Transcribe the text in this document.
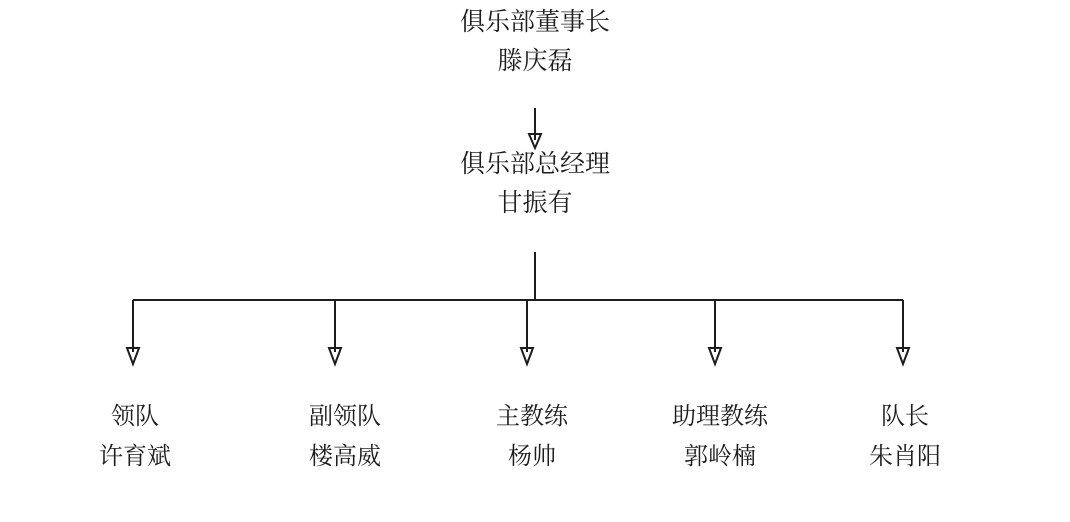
俱乐部董事长
滕庆磊
俱乐部总经理
甘振有
领队
许育斌
副领队
楼高威
主教练
杨帅
助理教练
郭岭楠
队长
朱肖阳
